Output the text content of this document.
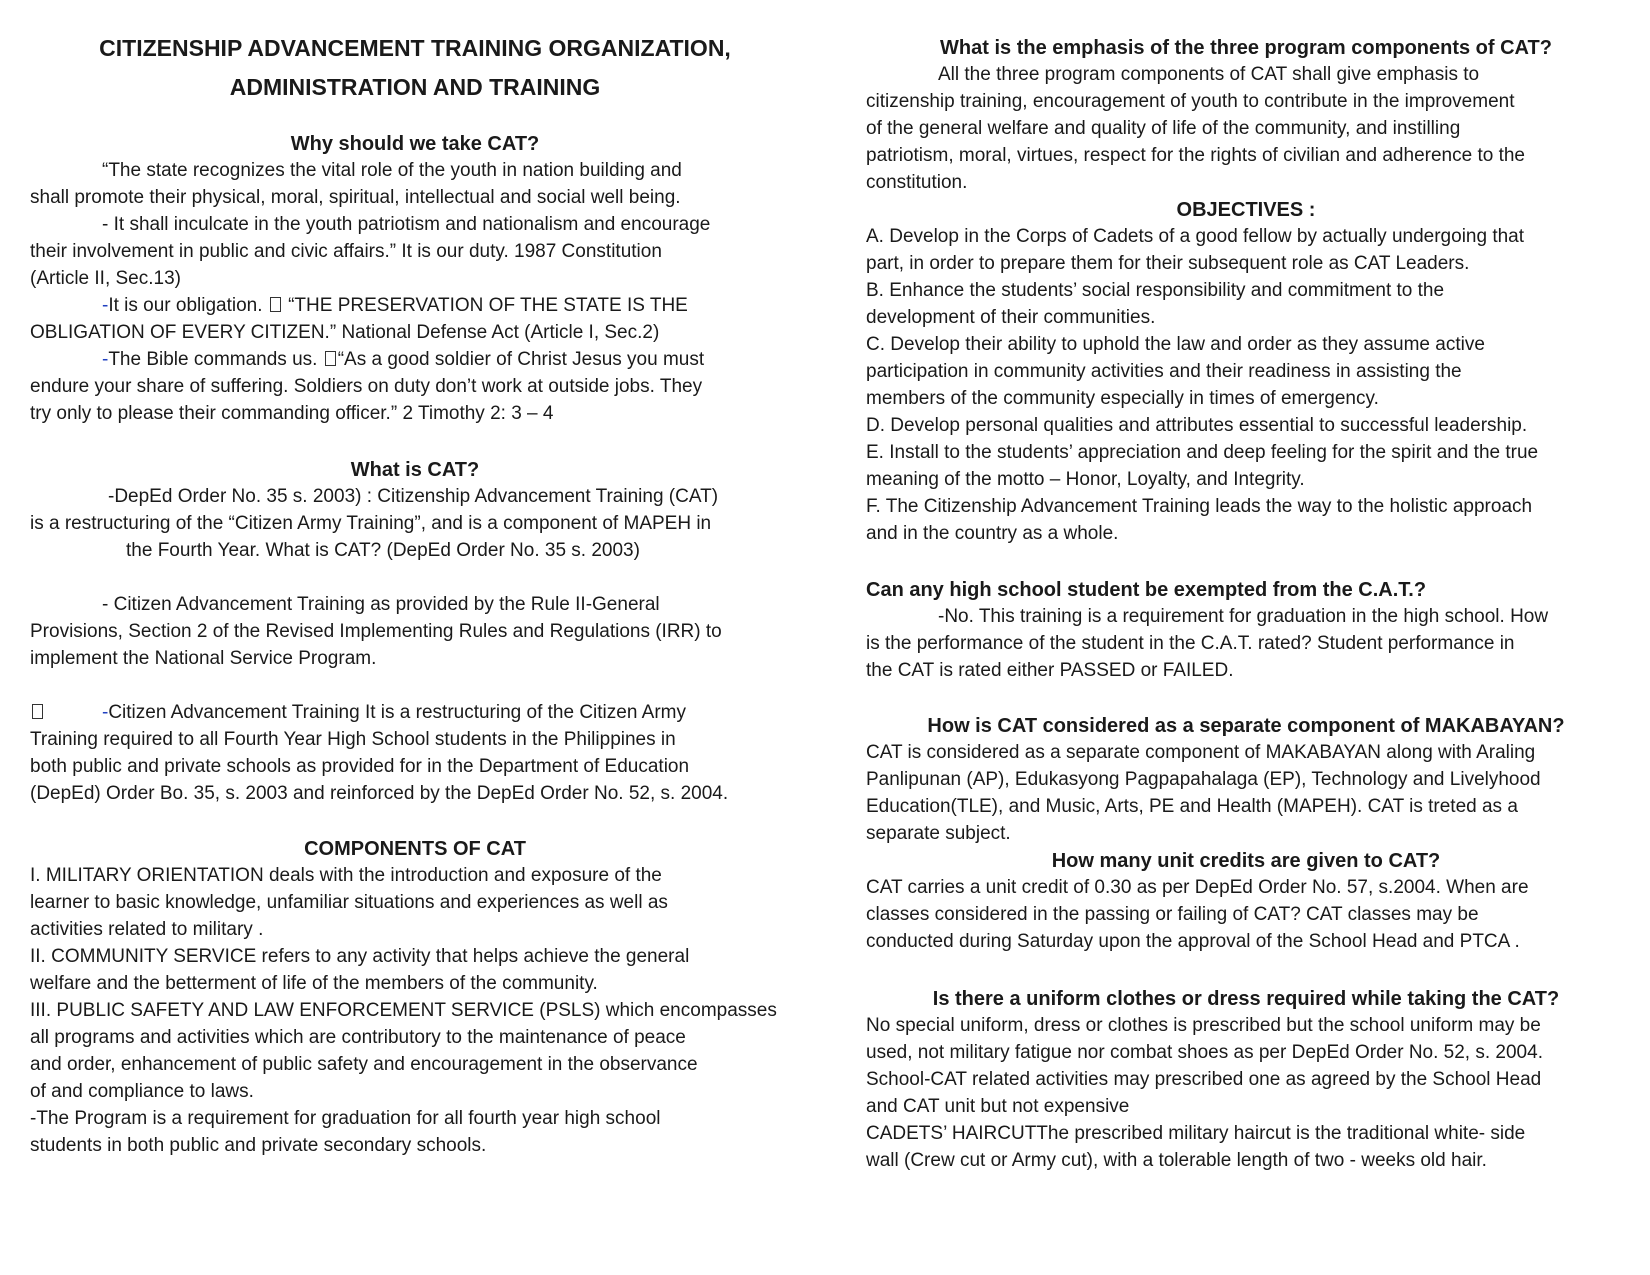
CITIZENSHIP ADVANCEMENT TRAINING ORGANIZATION,
ADMINISTRATION AND TRAINING
Why should we take CAT?
“The state recognizes the vital role of the youth in nation building and
shall promote their physical, moral, spiritual, intellectual and social well being.
- It shall inculcate in the youth patriotism and nationalism and encourage
their involvement in public and civic affairs.” It is our duty. 1987 Constitution
(Article II, Sec.13)
-It is our obligation. “THE PRESERVATION OF THE STATE IS THE
OBLIGATION OF EVERY CITIZEN.” National Defense Act (Article I, Sec.2)
-The Bible commands us. “As a good soldier of Christ Jesus you must
endure your share of suffering. Soldiers on duty don’t work at outside jobs. They
try only to please their commanding officer.” 2 Timothy 2: 3 – 4
What is CAT?
-DepEd Order No. 35 s. 2003) : Citizenship Advancement Training (CAT)
is a restructuring of the “Citizen Army Training”, and is a component of MAPEH in
the Fourth Year. What is CAT? (DepEd Order No. 35 s. 2003)
- Citizen Advancement Training as provided by the Rule II-General
Provisions, Section 2 of the Revised Implementing Rules and Regulations (IRR) to
implement the National Service Program.
-Citizen Advancement Training It is a restructuring of the Citizen Army
Training required to all Fourth Year High School students in the Philippines in
both public and private schools as provided for in the Department of Education
(DepEd) Order Bo. 35, s. 2003 and reinforced by the DepEd Order No. 52, s. 2004.
COMPONENTS OF CAT
I. MILITARY ORIENTATION deals with the introduction and exposure of the
learner to basic knowledge, unfamiliar situations and experiences as well as
activities related to military .
II. COMMUNITY SERVICE refers to any activity that helps achieve the general
welfare and the betterment of life of the members of the community.
III. PUBLIC SAFETY AND LAW ENFORCEMENT SERVICE (PSLS) which encompasses
all programs and activities which are contributory to the maintenance of peace
and order, enhancement of public safety and encouragement in the observance
of and compliance to laws.
-The Program is a requirement for graduation for all fourth year high school
students in both public and private secondary schools.
What is the emphasis of the three program components of CAT?
All the three program components of CAT shall give emphasis to
citizenship training, encouragement of youth to contribute in the improvement
of the general welfare and quality of life of the community, and instilling
patriotism, moral, virtues, respect for the rights of civilian and adherence to the
constitution.
OBJECTIVES :
A. Develop in the Corps of Cadets of a good fellow by actually undergoing that
part, in order to prepare them for their subsequent role as CAT Leaders.
B. Enhance the students’ social responsibility and commitment to the
development of their communities.
C. Develop their ability to uphold the law and order as they assume active
participation in community activities and their readiness in assisting the
members of the community especially in times of emergency.
D. Develop personal qualities and attributes essential to successful leadership.
E. Install to the students’ appreciation and deep feeling for the spirit and the true
meaning of the motto – Honor, Loyalty, and Integrity.
F. The Citizenship Advancement Training leads the way to the holistic approach
and in the country as a whole.
Can any high school student be exempted from the C.A.T.?
-No. This training is a requirement for graduation in the high school. How
is the performance of the student in the C.A.T. rated? Student performance in
the CAT is rated either PASSED or FAILED.
How is CAT considered as a separate component of MAKABAYAN?
CAT is considered as a separate component of MAKABAYAN along with Araling
Panlipunan (AP), Edukasyong Pagpapahalaga (EP), Technology and Livelyhood
Education(TLE), and Music, Arts, PE and Health (MAPEH). CAT is treted as a
separate subject.
How many unit credits are given to CAT?
CAT carries a unit credit of 0.30 as per DepEd Order No. 57, s.2004. When are
classes considered in the passing or failing of CAT? CAT classes may be
conducted during Saturday upon the approval of the School Head and PTCA .
Is there a uniform clothes or dress required while taking the CAT?
No special uniform, dress or clothes is prescribed but the school uniform may be
used, not military fatigue nor combat shoes as per DepEd Order No. 52, s. 2004.
School-CAT related activities may prescribed one as agreed by the School Head
and CAT unit but not expensive
CADETS’ HAIRCUTThe prescribed military haircut is the traditional white- side
wall (Crew cut or Army cut), with a tolerable length of two - weeks old hair.
